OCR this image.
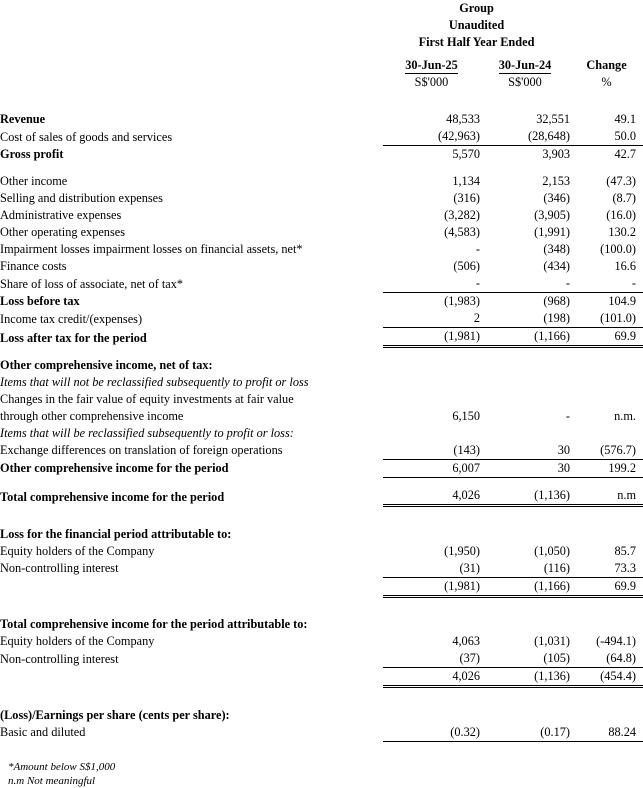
	Group		
	Unaudited		
	First Half Year Ended		

	30-Jun-25	30-Jun-24	Change
	S$'000	S$'000	%

Revenue	48,533	32,551	49.1
Cost of sales of goods and services	(42,963)	(28,648)	50.0
Gross profit	5,570	3,903	42.7

Other income	1,134	2,153	(47.3)
Selling and distribution expenses	(316)	(346)	(8.7)
Administrative expenses	(3,282)	(3,905)	(16.0)
Other operating expenses	(4,583)	(1,991)	130.2
Impairment losses impairment losses on financial assets, net*	-	(348)	(100.0)
Finance costs	(506)	(434)	16.6
Share of loss of associate, net of tax*	-	-	-
Loss before tax	(1,983)	(968)	104.9
Income tax credit/(expenses)	2	(198)	(101.0)
Loss after tax for the period	(1,981)	(1,166)	69.9

Other comprehensive income, net of tax:			
Items that will not be reclassified subsequently to profit or loss			
Changes in the fair value of equity investments at fair value			
through other comprehensive income	6,150	-	n.m.
Items that will be reclassified subsequently to profit or loss:			
Exchange differences on translation of foreign operations	(143)	30	(576.7)
Other comprehensive income for the period	6,007	30	199.2

Total comprehensive income for the period	4,026	(1,136)	n.m

Loss for the financial period attributable to:			
Equity holders of the Company	(1,950)	(1,050)	85.7
Non-controlling interest	(31)	(116)	73.3
	(1,981)	(1,166)	69.9

Total comprehensive income for the period attributable to:			
Equity holders of the Company	4,063	(1,031)	(-494.1)
Non-controlling interest	(37)	(105)	(64.8)
	4,026	(1,136)	(454.4)

(Loss)/Earnings per share (cents per share):			
Basic and diluted	(0.32)	(0.17)	88.24
*Amount below S$1,000
n.m Not meaningful
